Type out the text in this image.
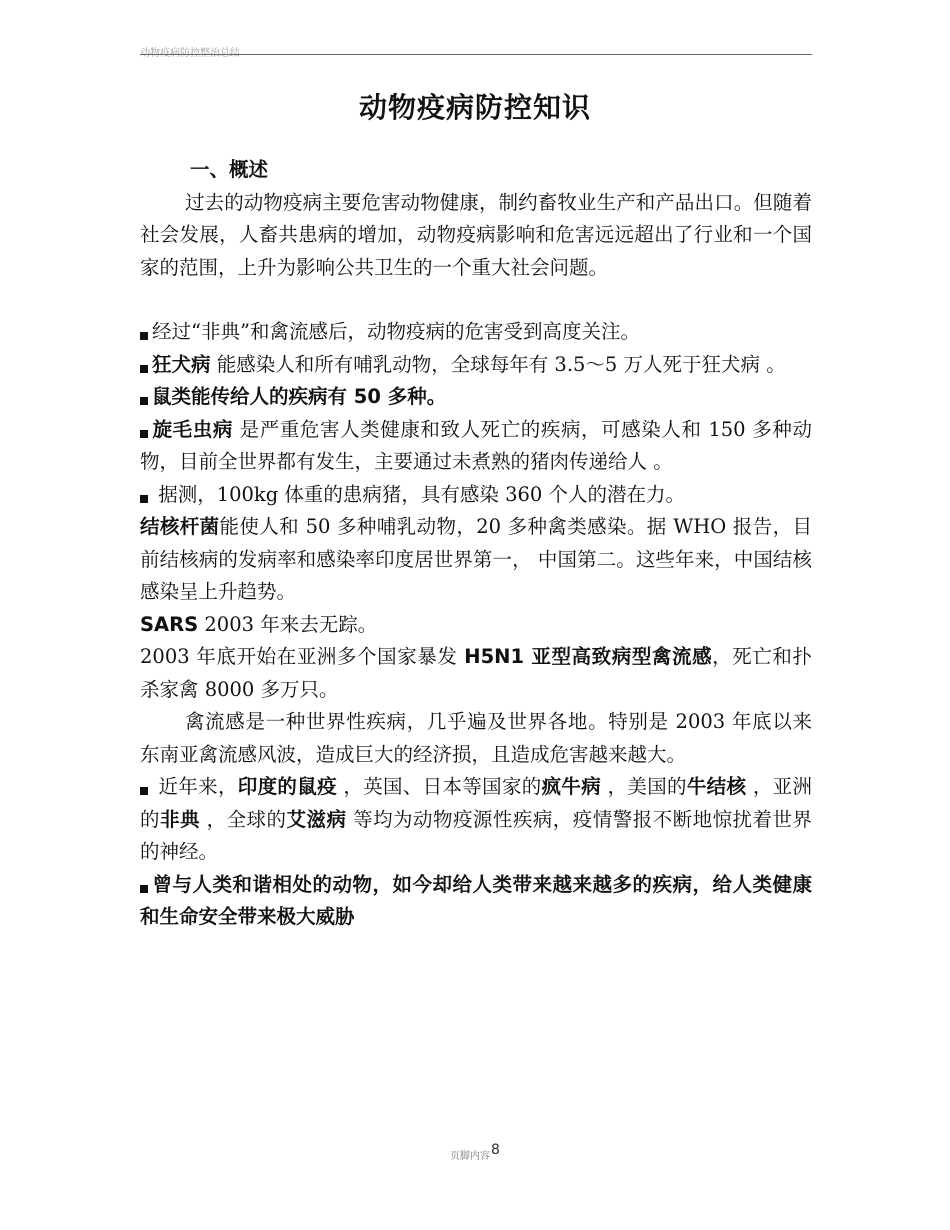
动物疫病防控整治总结
动物疫病防控知识
一、概述

过去的动物疫病主要危害动物健康，制约畜牧业生产和产品出口。但随着社会发展，人畜共患病的增加，动物疫病影响和危害远远超出了行业和一个国家的范围，上升为影响公共卫生的一个重大社会问题。

经过“非典”和禽流感后，动物疫病的危害受到高度关注。

狂犬病 能感染人和所有哺乳动物，全球每年有 3.5～5 万人死于狂犬病 。

鼠类能传给人的疾病有 50 多种。

旋毛虫病 是严重危害人类健康和致人死亡的疾病，可感染人和 150 多种动物，目前全世界都有发生，主要通过未煮熟的猪肉传递给人 。

据测，100kg 体重的患病猪，具有感染 360 个人的潜在力。

结核杆菌能使人和 50 多种哺乳动物，20 多种禽类感染。据 WHO 报告，目前结核病的发病率和感染率印度居世界第一， 中国第二。这些年来，中国结核感染呈上升趋势。

SARS 2003 年来去无踪。

2003 年底开始在亚洲多个国家暴发 H5N1 亚型高致病型禽流感，死亡和扑杀家禽 8000 多万只。

禽流感是一种世界性疾病，几乎遍及世界各地。特别是 2003 年底以来东南亚禽流感风波，造成巨大的经济损，且造成危害越来越大。

近年来，印度的鼠疫 ，英国、日本等国家的疯牛病 ，美国的牛结核 ，亚洲的非典 ，全球的艾滋病 等均为动物疫源性疾病，疫情警报不断地惊扰着世界的神经。

曾与人类和谐相处的动物，如今却给人类带来越来越多的疾病，给人类健康和生命安全带来极大威胁

页脚内容8
